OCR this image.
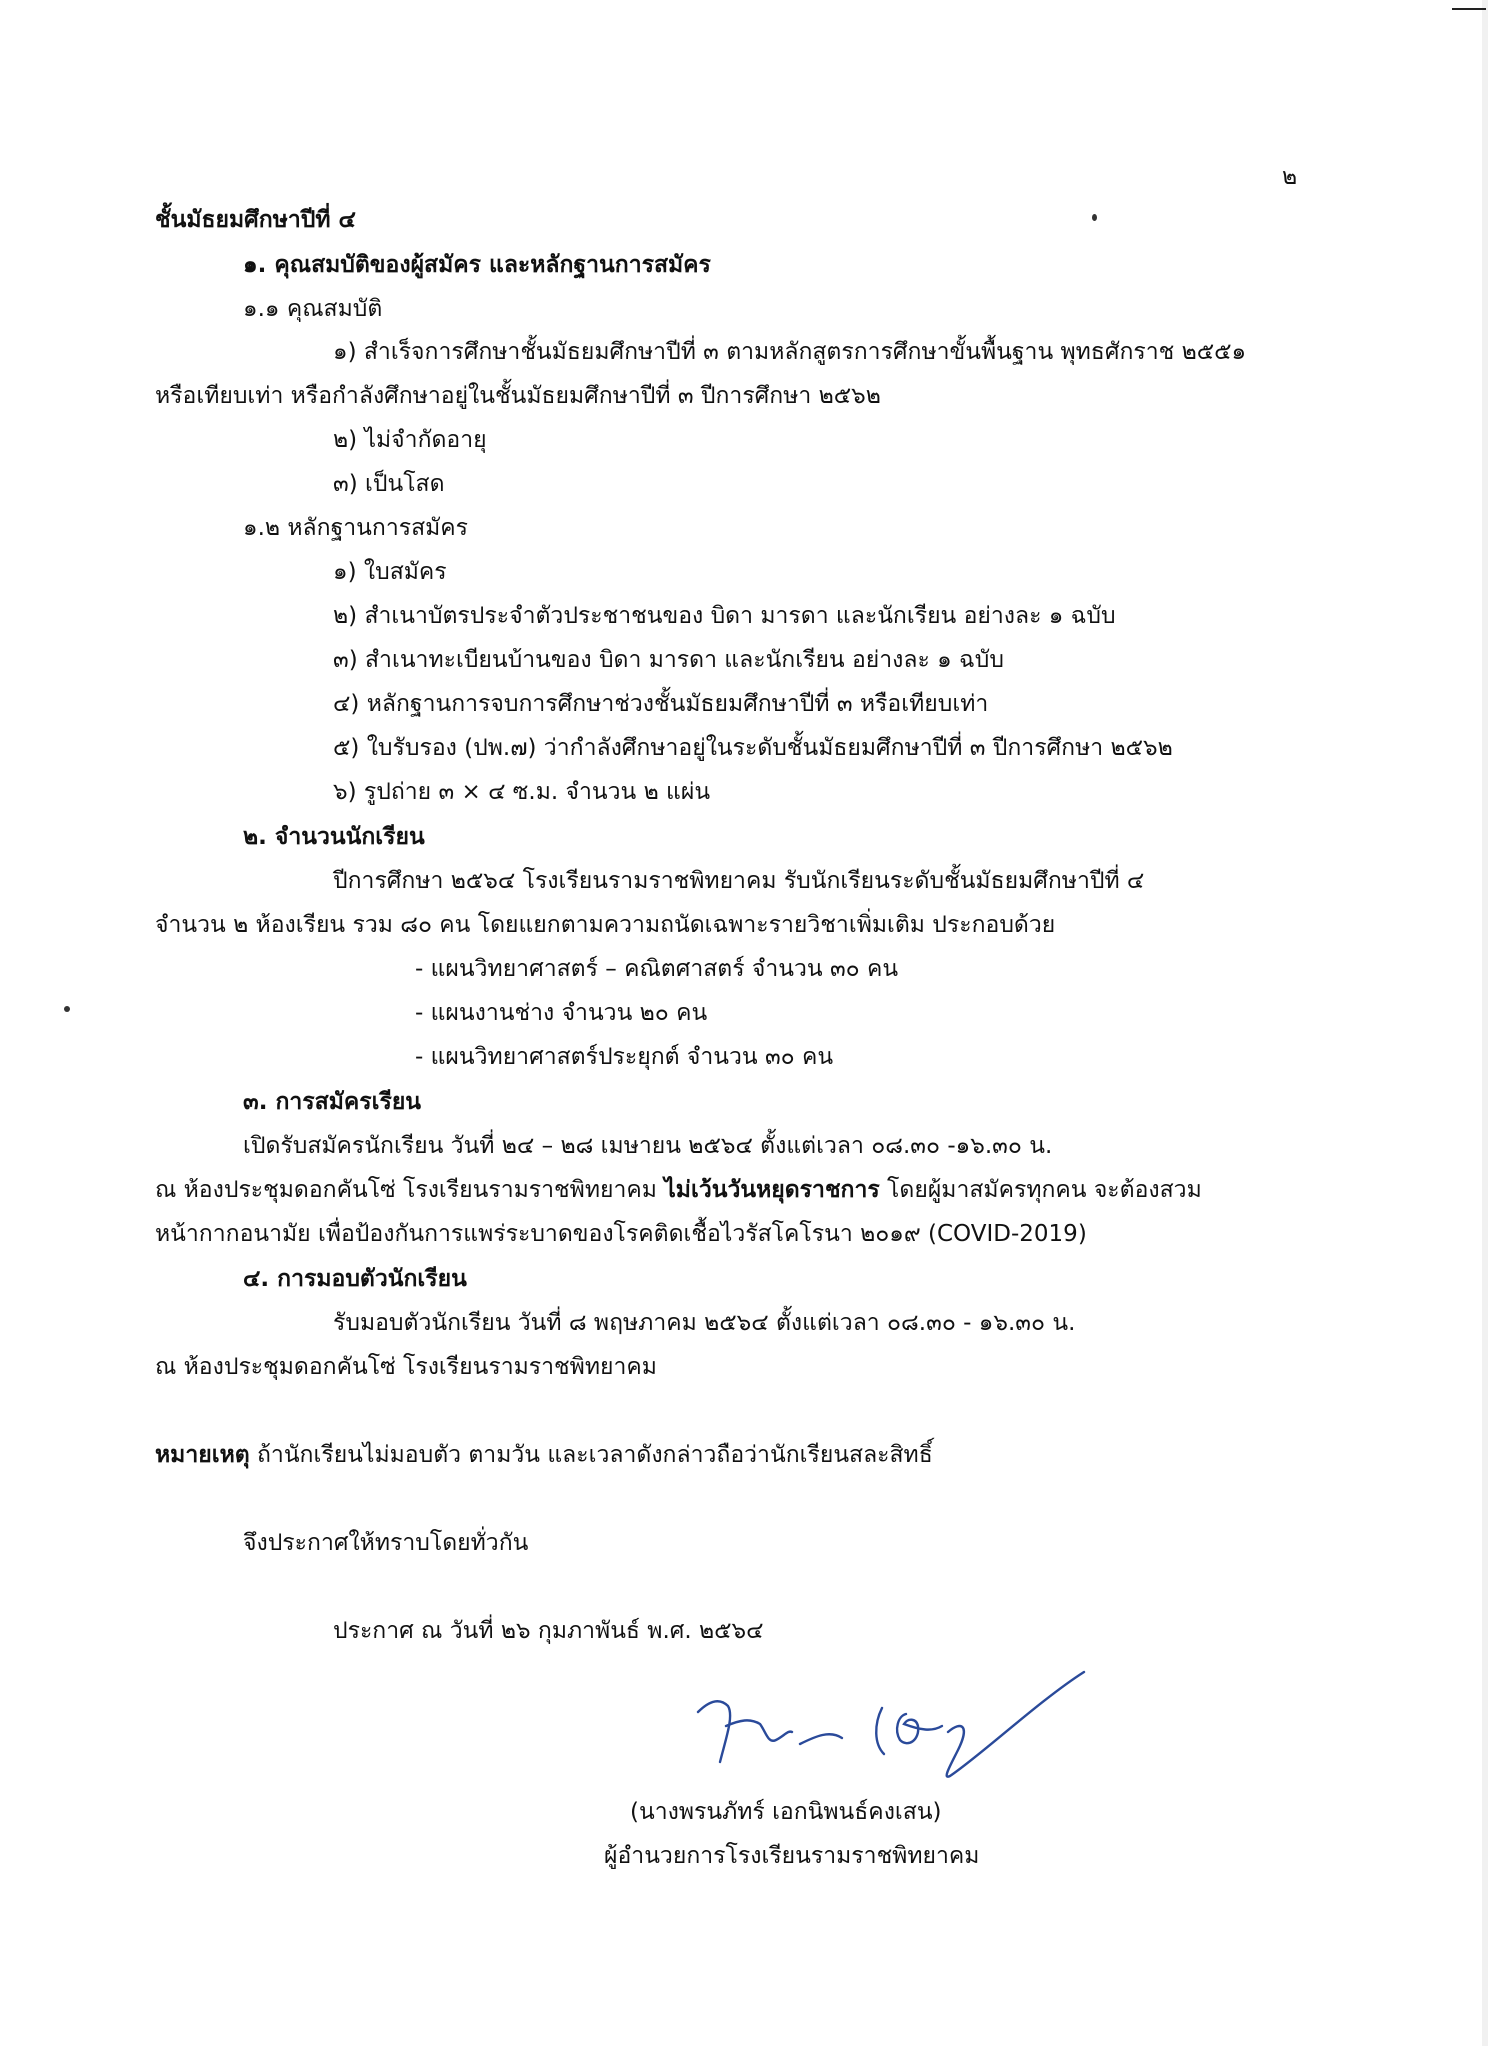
๒
ชั้นมัธยมศึกษาปีที่ ๔
๑. คุณสมบัติของผู้สมัคร และหลักฐานการสมัคร
๑.๑ คุณสมบัติ
๑) สำเร็จการศึกษาชั้นมัธยมศึกษาปีที่ ๓ ตามหลักสูตรการศึกษาขั้นพื้นฐาน พุทธศักราช ๒๕๕๑
หรือเทียบเท่า หรือกำลังศึกษาอยู่ในชั้นมัธยมศึกษาปีที่ ๓ ปีการศึกษา ๒๕๖๒
๒) ไม่จำกัดอายุ
๓) เป็นโสด
๑.๒ หลักฐานการสมัคร
๑) ใบสมัคร
๒) สำเนาบัตรประจำตัวประชาชนของ บิดา มารดา และนักเรียน อย่างละ ๑ ฉบับ
๓) สำเนาทะเบียนบ้านของ บิดา มารดา และนักเรียน อย่างละ ๑ ฉบับ
๔) หลักฐานการจบการศึกษาช่วงชั้นมัธยมศึกษาปีที่ ๓ หรือเทียบเท่า
๕) ใบรับรอง (ปพ.๗) ว่ากำลังศึกษาอยู่ในระดับชั้นมัธยมศึกษาปีที่ ๓ ปีการศึกษา ๒๕๖๒
๖) รูปถ่าย ๓ × ๔ ซ.ม. จำนวน ๒ แผ่น
๒. จำนวนนักเรียน
ปีการศึกษา ๒๕๖๔ โรงเรียนรามราชพิทยาคม รับนักเรียนระดับชั้นมัธยมศึกษาปีที่ ๔
จำนวน ๒ ห้องเรียน รวม ๘๐ คน โดยแยกตามความถนัดเฉพาะรายวิชาเพิ่มเติม ประกอบด้วย
- แผนวิทยาศาสตร์ – คณิตศาสตร์ จำนวน ๓๐ คน
- แผนงานช่าง จำนวน ๒๐ คน
- แผนวิทยาศาสตร์ประยุกต์ จำนวน ๓๐ คน
๓. การสมัครเรียน
เปิดรับสมัครนักเรียน วันที่ ๒๔ – ๒๘ เมษายน ๒๕๖๔ ตั้งแต่เวลา ๐๘.๓๐ -๑๖.๓๐ น.
ณ ห้องประชุมดอกคันโซ่ โรงเรียนรามราชพิทยาคม ไม่เว้นวันหยุดราชการ โดยผู้มาสมัครทุกคน จะต้องสวม
หน้ากากอนามัย เพื่อป้องกันการแพร่ระบาดของโรคติดเชื้อไวรัสโคโรนา ๒๐๑๙ (COVID-2019)
๔. การมอบตัวนักเรียน
รับมอบตัวนักเรียน วันที่ ๘ พฤษภาคม ๒๕๖๔ ตั้งแต่เวลา ๐๘.๓๐ - ๑๖.๓๐ น.
ณ ห้องประชุมดอกคันโซ่ โรงเรียนรามราชพิทยาคม
หมายเหตุ ถ้านักเรียนไม่มอบตัว ตามวัน และเวลาดังกล่าวถือว่านักเรียนสละสิทธิ์
จึงประกาศให้ทราบโดยทั่วกัน
ประกาศ ณ วันที่ ๒๖ กุมภาพันธ์ พ.ศ. ๒๕๖๔
(นางพรนภัทร์ เอกนิพนธ์คงเสน)
ผู้อำนวยการโรงเรียนรามราชพิทยาคม
